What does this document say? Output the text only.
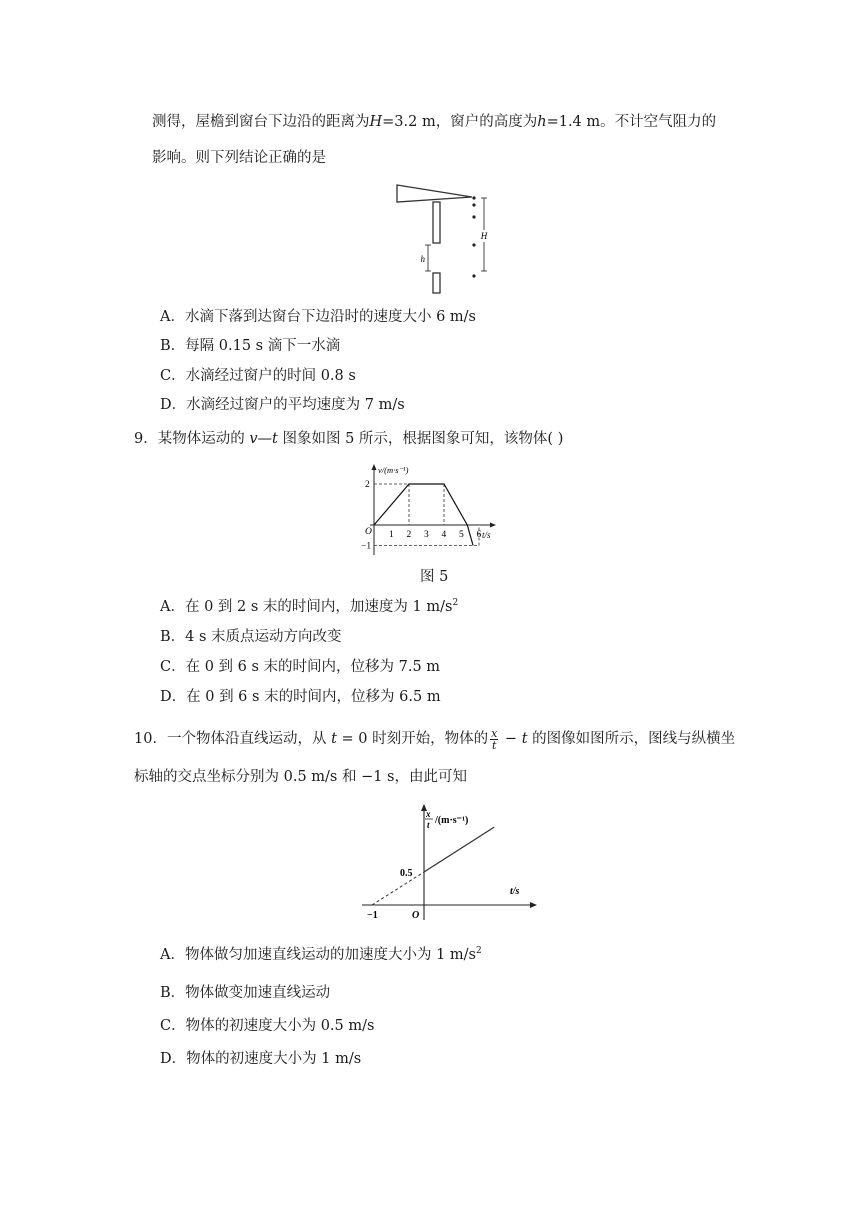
测得，屋檐到窗台下边沿的距离为H=3.2 m，窗户的高度为h=1.4 m。不计空气阻力的
影响。则下列结论正确的是
h
H
A．水滴下落到达窗台下边沿时的速度大小 6 m/s
B．每隔 0.15 s 滴下一水滴
C．水滴经过窗户的时间 0.8 s
D．水滴经过窗户的平均速度为 7 m/s
9．某物体运动的 v—t 图象如图 5 所示，根据图象可知，该物体( )
v/(m·s⁻¹)
t/s
O 1 2 3 4 5 6
2
−1
图 5
A．在 0 到 2 s 末的时间内，加速度为 1 $m/s^2$
B．4 s 末质点运动方向改变
C．在 0 到 6 s 末的时间内，位移为 7.5 m
D．在 0 到 6 s 末的时间内，位移为 6.5 m
10．一个物体沿直线运动，从 t = 0 时刻开始，物体的 $\frac{x}{t} - t$ 的图像如图所示，图线与纵横坐
标轴的交点坐标分别为 0.5 m/s 和 −1 s，由此可知
x
t /(m·s⁻¹)
t/s
O
0.5
−1
A．物体做匀加速直线运动的加速度大小为 1 $m/s^2$
B．物体做变加速直线运动
C．物体的初速度大小为 0.5 m/s
D．物体的初速度大小为 1 m/s
